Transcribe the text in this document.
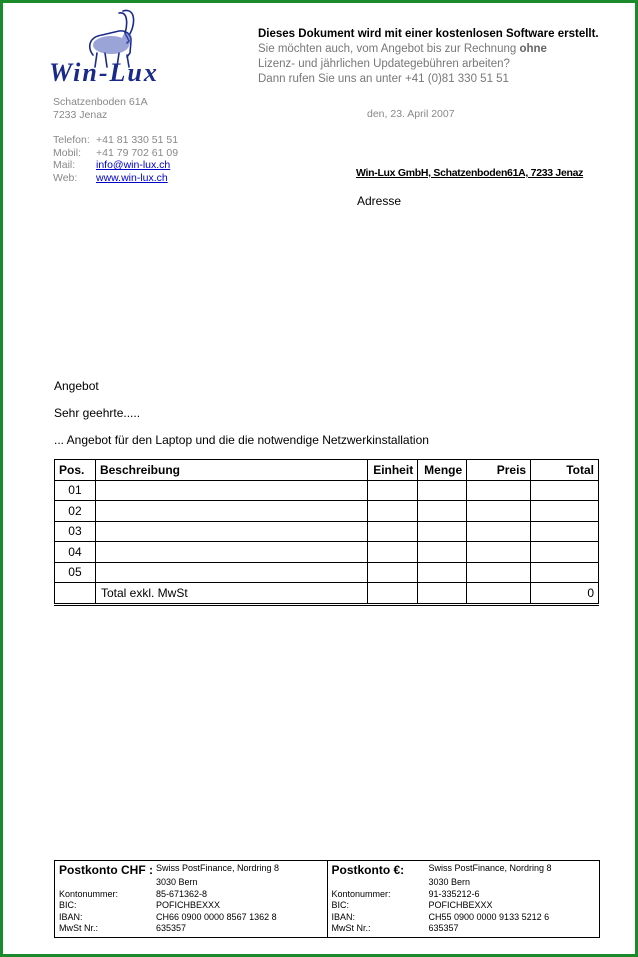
Win-Lux
Dieses Dokument wird mit einer kostenlosen Software erstellt.
Sie möchten auch, vom Angebot bis zur Rechnung ohne
Lizenz- und jährlichen Updategebühren arbeiten?
Dann rufen Sie uns an unter +41 (0)81 330 51 51
Schatzenboden 61A
7233 Jenaz
Telefon: +41 81 330 51 51
Mobil:	+41 79 702 61 09
Mail:	info@win-lux.ch
Web:	www.win-lux.ch
den, 23. April 2007
Win-Lux GmbH, Schatzenboden61A, 7233 Jenaz
Adresse
Angebot
Sehr geehrte.....
... Angebot für den Laptop und die die notwendige Netzwerkinstallation
Pos.	Beschreibung	Einheit	Menge	Preis	Total
01					
02					
03					
04					
05					
	Total exkl. MwSt				0
Postkonto CHF : Swiss PostFinance, Nordring 8
3030 Bern
Kontonummer:	85-671362-8
BIC:	POFICHBEXXX
IBAN:	CH66 0900 0000 8567 1362 8
MwSt Nr.:	635357
Postkonto €:	Swiss PostFinance, Nordring 8
3030 Bern
Kontonummer:	91-335212-6
BIC:	POFICHBEXXX
IBAN:	CH55 0900 0000 9133 5212 6
MwSt Nr.:	635357
